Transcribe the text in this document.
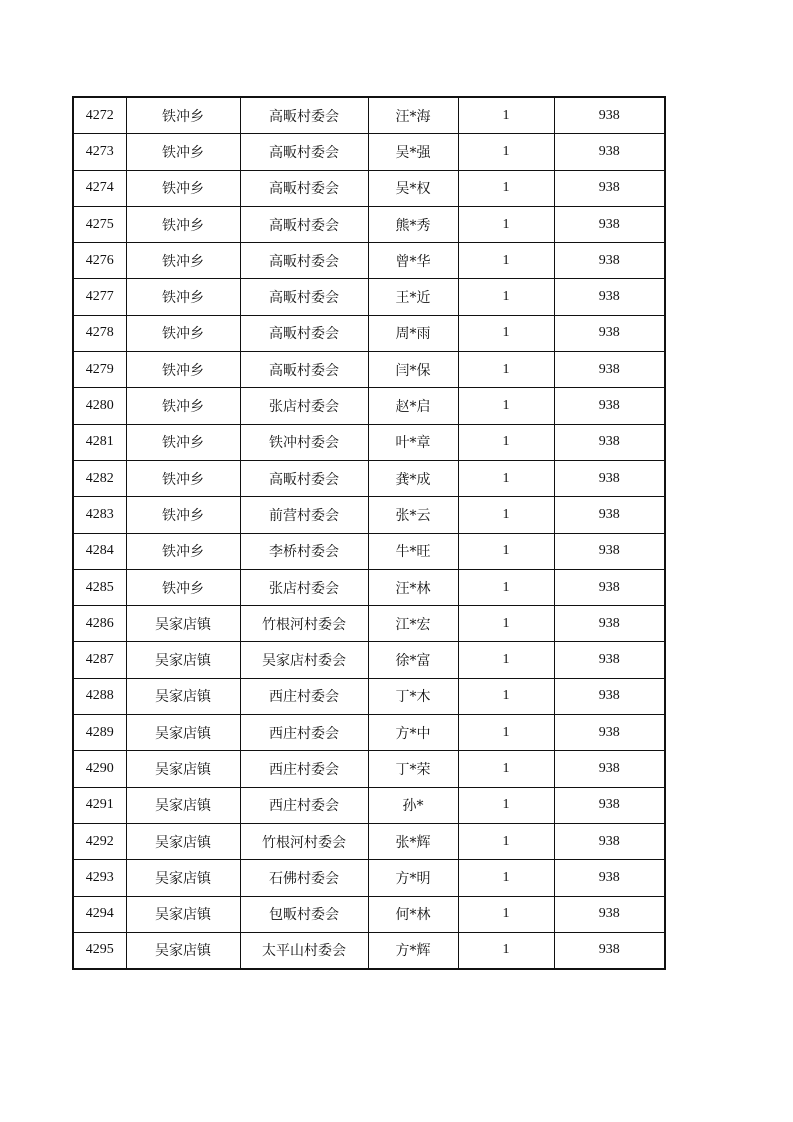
4272	铁冲乡	高畈村委会	汪*海	1	938
4273	铁冲乡	高畈村委会	吴*强	1	938
4274	铁冲乡	高畈村委会	吴*权	1	938
4275	铁冲乡	高畈村委会	熊*秀	1	938
4276	铁冲乡	高畈村委会	曾*华	1	938
4277	铁冲乡	高畈村委会	王*近	1	938
4278	铁冲乡	高畈村委会	周*雨	1	938
4279	铁冲乡	高畈村委会	闫*保	1	938
4280	铁冲乡	张店村委会	赵*启	1	938
4281	铁冲乡	铁冲村委会	叶*章	1	938
4282	铁冲乡	高畈村委会	龚*成	1	938
4283	铁冲乡	前营村委会	张*云	1	938
4284	铁冲乡	李桥村委会	牛*旺	1	938
4285	铁冲乡	张店村委会	汪*林	1	938
4286	吴家店镇	竹根河村委会	江*宏	1	938
4287	吴家店镇	吴家店村委会	徐*富	1	938
4288	吴家店镇	西庄村委会	丁*木	1	938
4289	吴家店镇	西庄村委会	方*中	1	938
4290	吴家店镇	西庄村委会	丁*荣	1	938
4291	吴家店镇	西庄村委会	孙*	1	938
4292	吴家店镇	竹根河村委会	张*辉	1	938
4293	吴家店镇	石佛村委会	方*明	1	938
4294	吴家店镇	包畈村委会	何*林	1	938
4295	吴家店镇	太平山村委会	方*辉	1	938
